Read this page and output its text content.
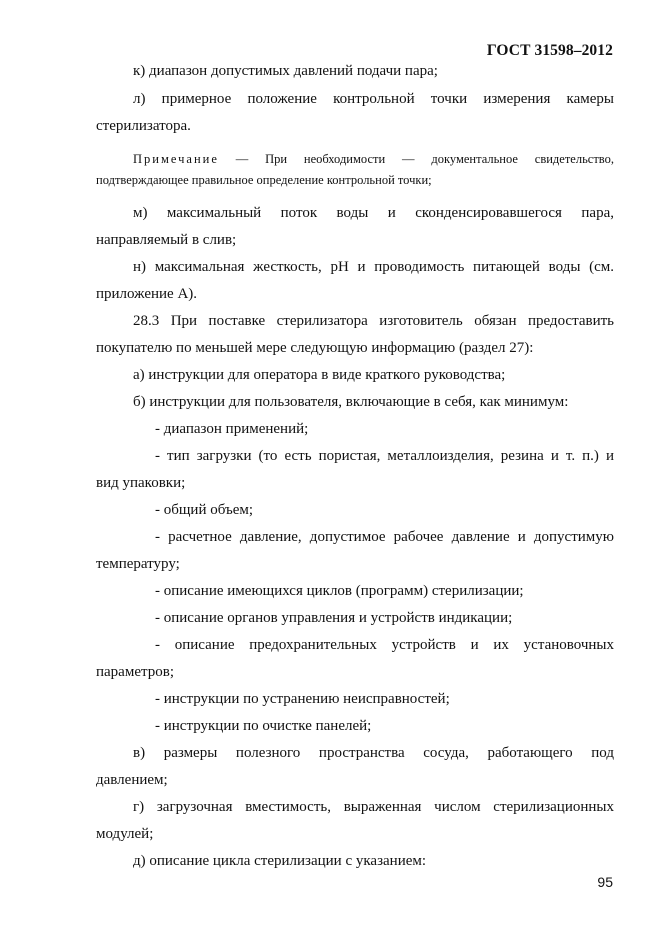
ГОСТ 31598–2012
к) диапазон допустимых давлений подачи пара;
л) примерное положение контрольной точки измерения камеры
стерилизатора.
Примечание — При необходимости — документальное свидетельство,
подтверждающее правильное определение контрольной точки;
м) максимальный поток воды и сконденсировавшегося пара,
направляемый в слив;
н) максимальная жесткость, рН и проводимость питающей воды (см.
приложение А).
28.3 При поставке стерилизатора изготовитель обязан предоставить
покупателю по меньшей мере следующую информацию (раздел 27):
а) инструкции для оператора в виде краткого руководства;
б) инструкции для пользователя, включающие в себя, как минимум:
- диапазон применений;
- тип загрузки (то есть пористая, металлоизделия, резина и т. п.) и
вид упаковки;
- общий объем;
- расчетное давление, допустимое рабочее давление и допустимую
температуру;
- описание имеющихся циклов (программ) стерилизации;
- описание органов управления и устройств индикации;
- описание предохранительных устройств и их установочных
параметров;
- инструкции по устранению неисправностей;
- инструкции по очистке панелей;
в) размеры полезного пространства сосуда, работающего под
давлением;
г) загрузочная вместимость, выраженная числом стерилизационных
модулей;
д) описание цикла стерилизации с указанием:
95
